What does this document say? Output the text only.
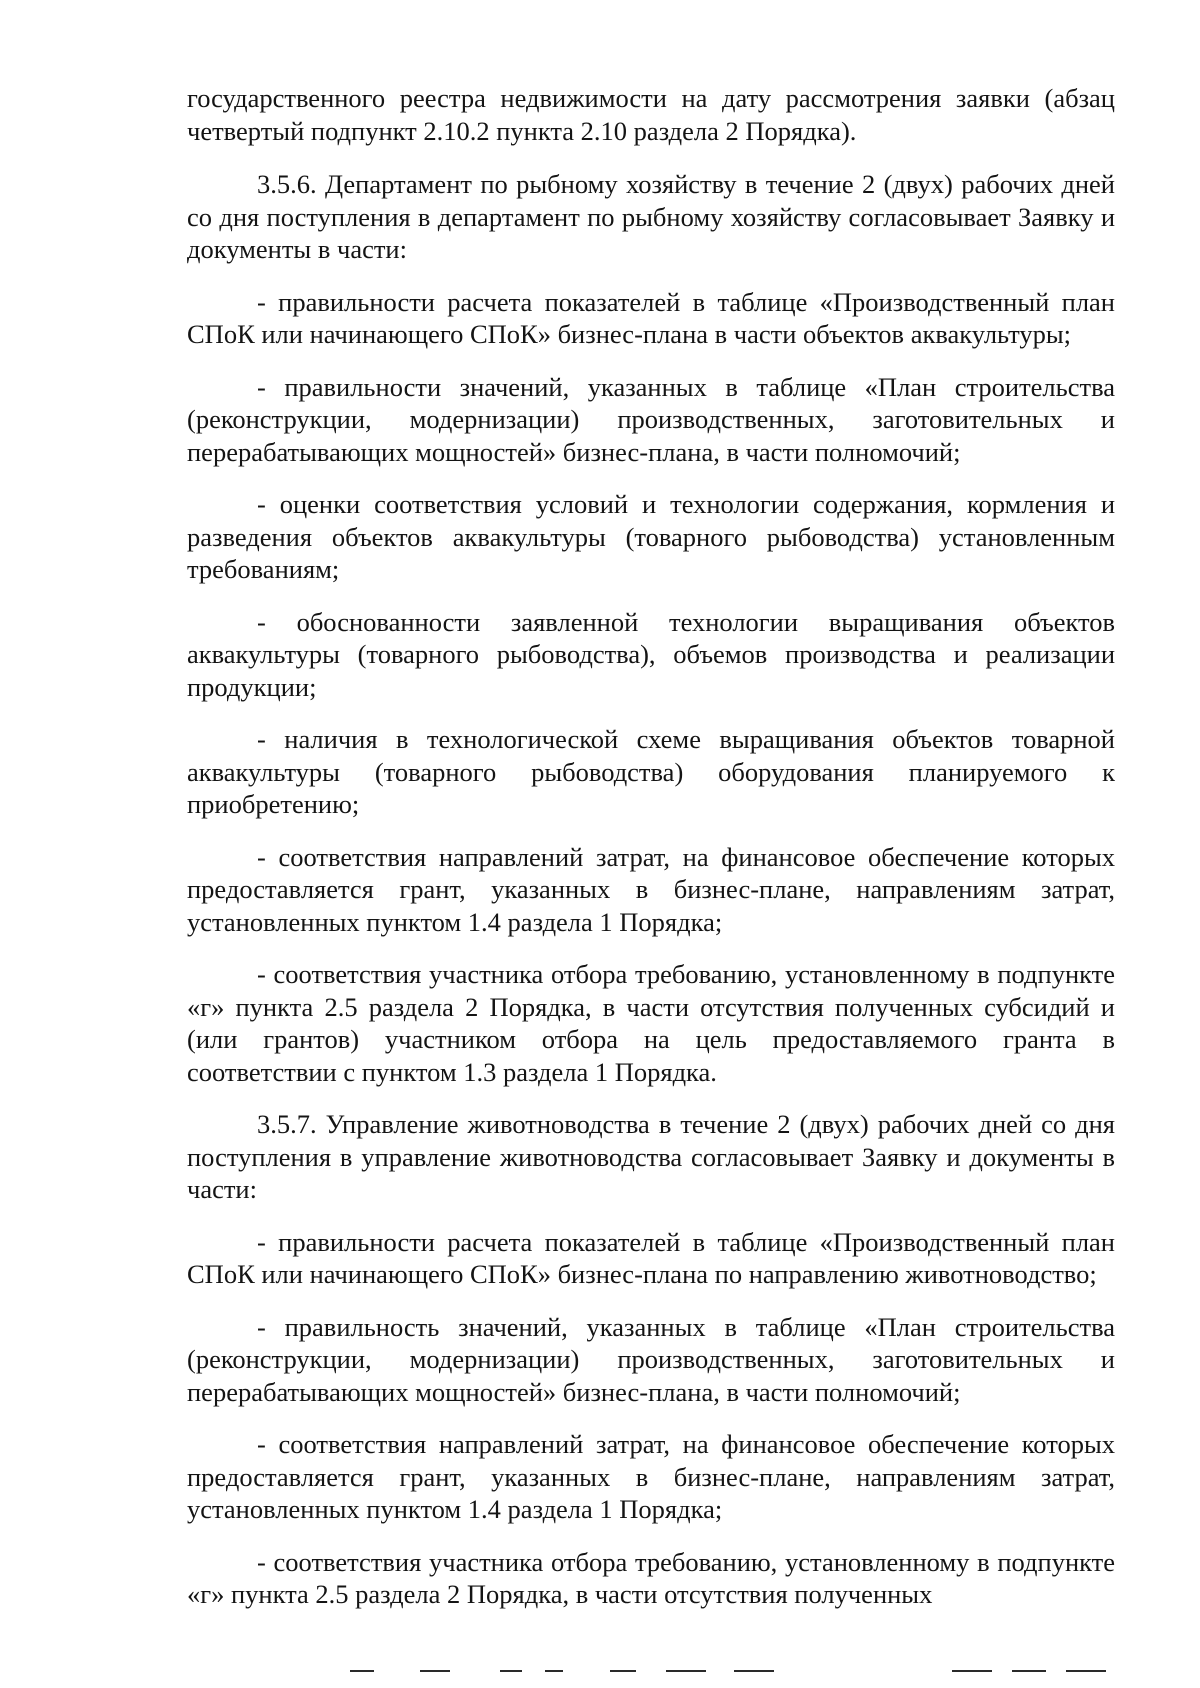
государственного реестра недвижимости на дату рассмотрения заявки (абзац четвертый подпункт 2.10.2 пункта 2.10 раздела 2 Порядка).

3.5.6. Департамент по рыбному хозяйству в течение 2 (двух) рабочих дней со дня поступления в департамент по рыбному хозяйству согласовывает Заявку и документы в части:

- правильности расчета показателей в таблице «Производственный план СПоК или начинающего СПоК» бизнес-плана в части объектов аквакультуры;

- правильности значений, указанных в таблице «План строительства (реконструкции, модернизации) производственных, заготовительных и перерабатывающих мощностей» бизнес-плана, в части полномочий;

- оценки соответствия условий и технологии содержания, кормления и разведения объектов аквакультуры (товарного рыбоводства) установленным требованиям;

- обоснованности заявленной технологии выращивания объектов аквакультуры (товарного рыбоводства), объемов производства и реализации продукции;

- наличия в технологической схеме выращивания объектов товарной аквакультуры (товарного рыбоводства) оборудования планируемого к приобретению;

- соответствия направлений затрат, на финансовое обеспечение которых предоставляется грант, указанных в бизнес-плане, направлениям затрат, установленных пунктом 1.4 раздела 1 Порядка;

- соответствия участника отбора требованию, установленному в подпункте «г» пункта 2.5 раздела 2 Порядка, в части отсутствия полученных субсидий и (или грантов) участником отбора на цель предоставляемого гранта в соответствии с пунктом 1.3 раздела 1 Порядка.

3.5.7. Управление животноводства в течение 2 (двух) рабочих дней со дня поступления в управление животноводства согласовывает Заявку и документы в части:

- правильности расчета показателей в таблице «Производственный план СПоК или начинающего СПоК» бизнес-плана по направлению животноводство;

- правильность значений, указанных в таблице «План строительства (реконструкции, модернизации) производственных, заготовительных и перерабатывающих мощностей» бизнес-плана, в части полномочий;

- соответствия направлений затрат, на финансовое обеспечение которых предоставляется грант, указанных в бизнес-плане, направлениям затрат, установленных пунктом 1.4 раздела 1 Порядка;

- соответствия участника отбора требованию, установленному в подпункте «г» пункта 2.5 раздела 2 Порядка, в части отсутствия полученных
